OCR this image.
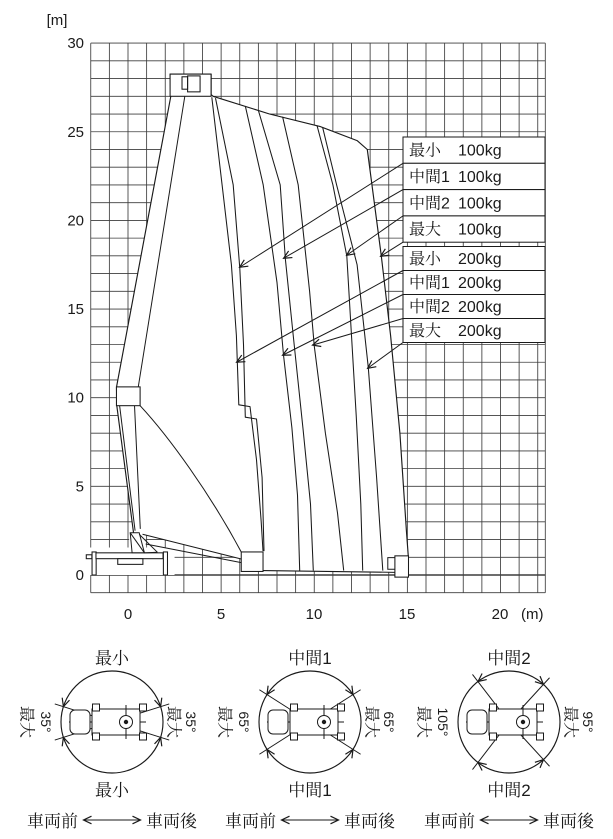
最小 100kg
中間1 100kg
中間2 100kg
最大 100kg
最小 200kg
中間1 200kg
中間2 200kg
最大 200kg
[m]
30
25
20
15
10
5
0
0	5	10	15	20 (m)
最小
最小
最大 35°	最大 35°
車両前	車両後
中間1
中間1
最大 65°	最大 65°
車両前	車両後
中間2
中間2
最大 105°	最大 95°
車両前	車両後
